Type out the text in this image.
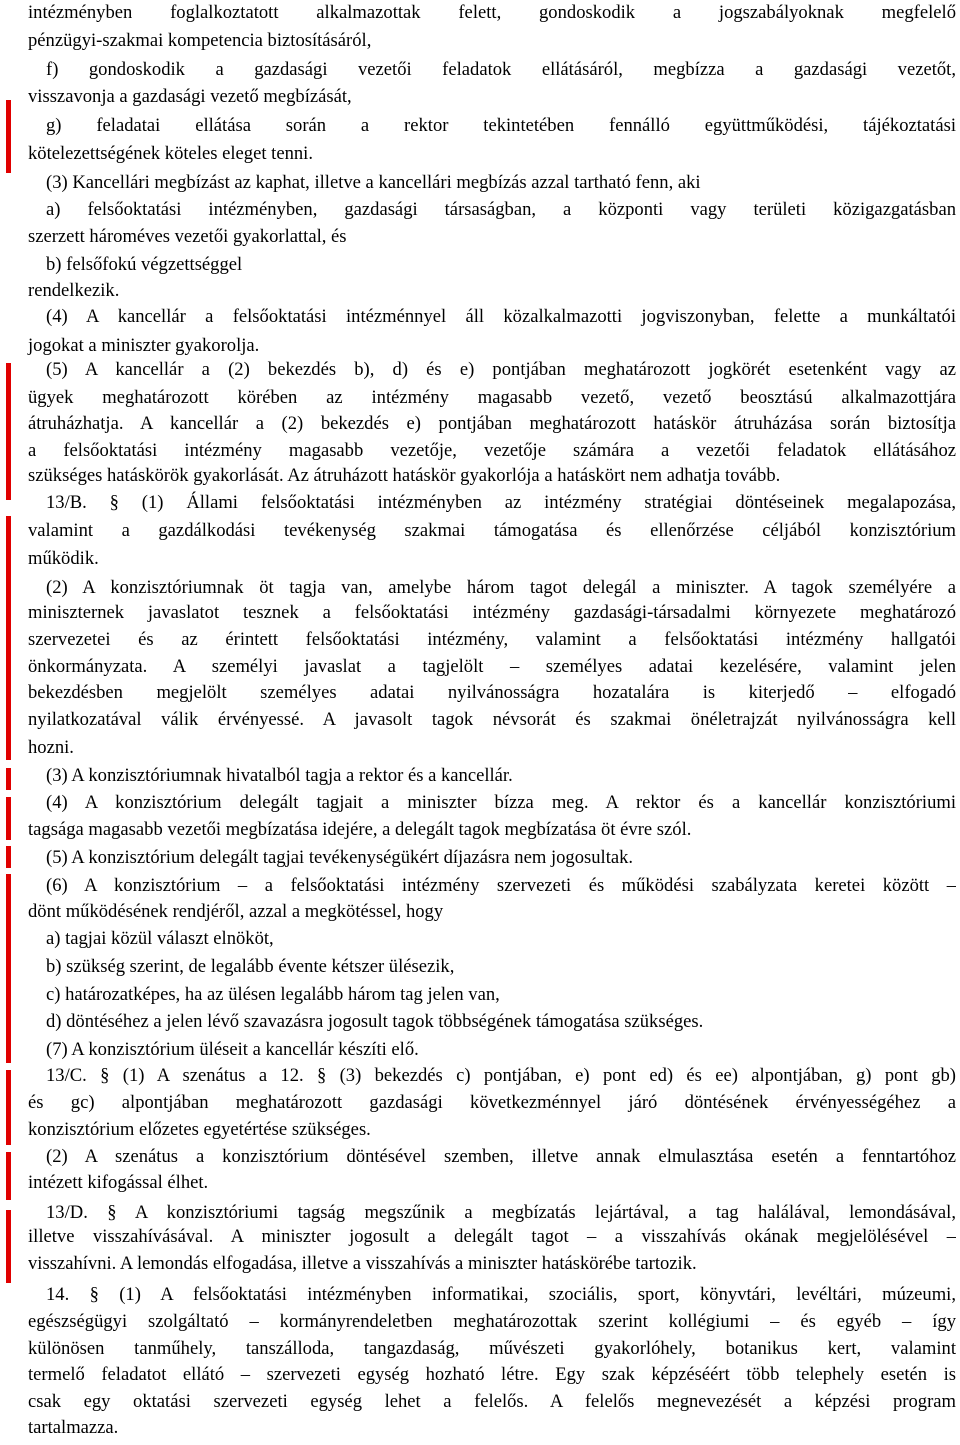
intézményben foglalkoztatott alkalmazottak felett, gondoskodik a jogszabályoknak megfelelő
pénzügyi-szakmai kompetencia biztosításáról,
f) gondoskodik a gazdasági vezetői feladatok ellátásáról, megbízza a gazdasági vezetőt,
visszavonja a gazdasági vezető megbízását,
g) feladatai ellátása során a rektor tekintetében fennálló együttműködési, tájékoztatási
kötelezettségének köteles eleget tenni.
(3) Kancellári megbízást az kaphat, illetve a kancellári megbízás azzal tartható fenn, aki
a) felsőoktatási intézményben, gazdasági társaságban, a központi vagy területi közigazgatásban
szerzett hároméves vezetői gyakorlattal, és
b) felsőfokú végzettséggel
rendelkezik.
(4) A kancellár a felsőoktatási intézménnyel áll közalkalmazotti jogviszonyban, felette a munkáltatói
jogokat a miniszter gyakorolja.
(5) A kancellár a (2) bekezdés b), d) és e) pontjában meghatározott jogkörét esetenként vagy az
ügyek meghatározott körében az intézmény magasabb vezető, vezető beosztású alkalmazottjára
átruházhatja. A kancellár a (2) bekezdés e) pontjában meghatározott hatáskör átruházása során biztosítja
a felsőoktatási intézmény magasabb vezetője, vezetője számára a vezetői feladatok ellátásához
szükséges hatáskörök gyakorlását. Az átruházott hatáskör gyakorlója a hatáskört nem adhatja tovább.
13/B. § (1) Állami felsőoktatási intézményben az intézmény stratégiai döntéseinek megalapozása,
valamint a gazdálkodási tevékenység szakmai támogatása és ellenőrzése céljából konzisztórium
működik.
(2) A konzisztóriumnak öt tagja van, amelybe három tagot delegál a miniszter. A tagok személyére a
miniszternek javaslatot tesznek a felsőoktatási intézmény gazdasági-társadalmi környezete meghatározó
szervezetei és az érintett felsőoktatási intézmény, valamint a felsőoktatási intézmény hallgatói
önkormányzata. A személyi javaslat a tagjelölt – személyes adatai kezelésére, valamint jelen
bekezdésben megjelölt személyes adatai nyilvánosságra hozatalára is kiterjedő – elfogadó
nyilatkozatával válik érvényessé. A javasolt tagok névsorát és szakmai önéletrajzát nyilvánosságra kell
hozni.
(3) A konzisztóriumnak hivatalból tagja a rektor és a kancellár.
(4) A konzisztórium delegált tagjait a miniszter bízza meg. A rektor és a kancellár konzisztóriumi
tagsága magasabb vezetői megbízatása idejére, a delegált tagok megbízatása öt évre szól.
(5) A konzisztórium delegált tagjai tevékenységükért díjazásra nem jogosultak.
(6) A konzisztórium – a felsőoktatási intézmény szervezeti és működési szabályzata keretei között –
dönt működésének rendjéről, azzal a megkötéssel, hogy
a) tagjai közül választ elnököt,
b) szükség szerint, de legalább évente kétszer ülésezik,
c) határozatképes, ha az ülésen legalább három tag jelen van,
d) döntéséhez a jelen lévő szavazásra jogosult tagok többségének támogatása szükséges.
(7) A konzisztórium üléseit a kancellár készíti elő.
13/C. § (1) A szenátus a 12. § (3) bekezdés c) pontjában, e) pont ed) és ee) alpontjában, g) pont gb)
és gc) alpontjában meghatározott gazdasági következménnyel járó döntésének érvényességéhez a
konzisztórium előzetes egyetértése szükséges.
(2) A szenátus a konzisztórium döntésével szemben, illetve annak elmulasztása esetén a fenntartóhoz
intézett kifogással élhet.
13/D. § A konzisztóriumi tagság megszűnik a megbízatás lejártával, a tag halálával, lemondásával,
illetve visszahívásával. A miniszter jogosult a delegált tagot – a visszahívás okának megjelölésével –
visszahívni. A lemondás elfogadása, illetve a visszahívás a miniszter hatáskörébe tartozik.
14. § (1) A felsőoktatási intézményben informatikai, szociális, sport, könyvtári, levéltári, múzeumi,
egészségügyi szolgáltató – kormányrendeletben meghatározottak szerint kollégiumi – és egyéb – így
különösen tanműhely, tanszálloda, tangazdaság, művészeti gyakorlóhely, botanikus kert, valamint
termelő feladatot ellátó – szervezeti egység hozható létre. Egy szak képzéséért több telephely esetén is
csak egy oktatási szervezeti egység lehet a felelős. A felelős megnevezését a képzési program
tartalmazza.
